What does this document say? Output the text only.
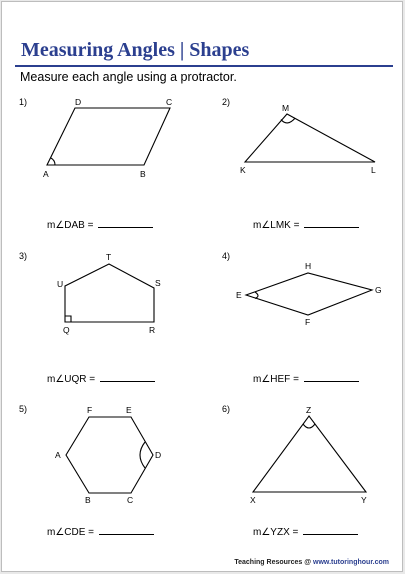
Measuring Angles | Shapes
Measure each angle using a protractor.
1)	2)
3)	4)
5)	6)
A	B
C
D
K	L
M
Q	R
S
T
U
E
F
G
H
A
B	C
D
E
F
X	Y
Z
m∠DAB =	m∠LMK =
m∠UQR =	m∠HEF =
m∠CDE =	m∠YZX =
Teaching Resources @ www.tutoringhour.com
